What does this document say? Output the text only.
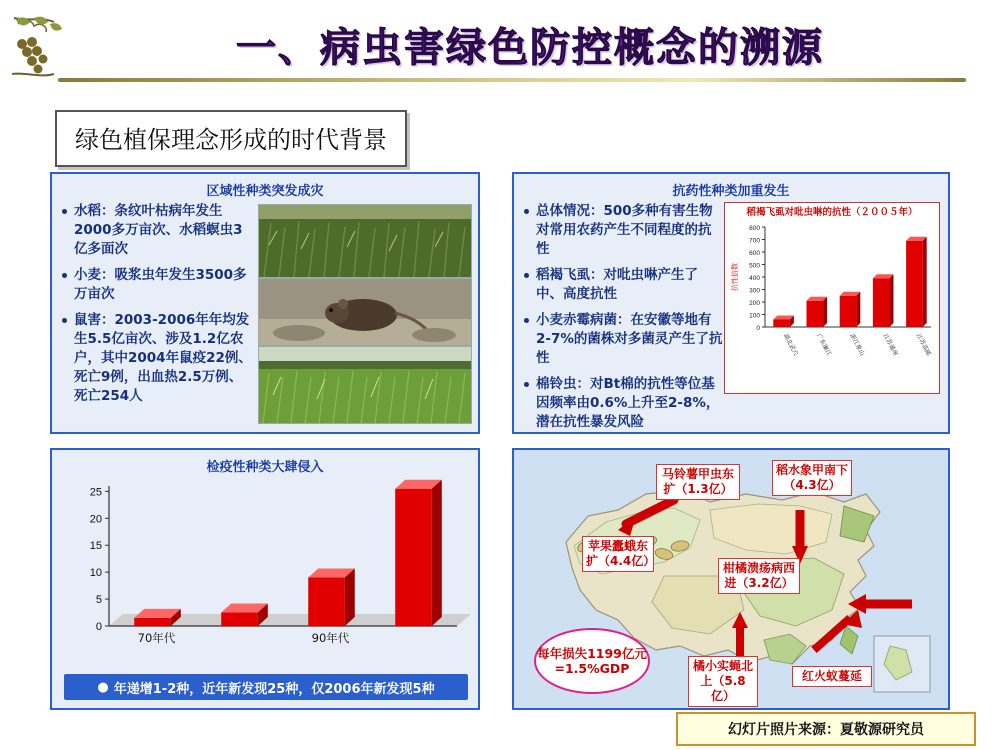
一、病虫害绿色防控概念的溯源
绿色植保理念形成的时代背景
区域性种类突发成灾
水稻：条纹叶枯病年发生2000多万亩次、水稻螟虫3亿多面次
小麦：吸浆虫年发生3500多万亩次
鼠害：2003-2006年年均发生5.5亿亩次、涉及1.2亿农户，其中2004年鼠疫22例、死亡9例，出血热2.5万例、死亡254人
抗药性种类加重发生
总体情况：500多种有害生物对常用农药产生不同程度的抗性
稻褐飞虱：对吡虫啉产生了中、高度抗性
小麦赤霉病菌：在安徽等地有2-7%的菌株对多菌灵产生了抗性
棉铃虫：对Bt棉的抗性等位基因频率由0.6%上升至2-8%，潜在抗性暴发风险
稻褐飞虱对吡虫啉的抗性（２００５年）
0
100
200
300
400
500
600
700
800
抗性倍数
湖北武穴	广东廉江	浙江象山	江苏通州	江苏高邮
检疫性种类大肆侵入
0
5
10
15
20
25
70年代	90年代
● 年递增1-2种，近年新发现25种，仅2006年新发现5种
马铃薯甲虫东扩（1.3亿）
稻水象甲南下（4.3亿）
苹果蠹蛾东扩（4.4亿）	柑橘溃疡病西进（3.2亿）
橘小实蝇北上（5.8亿）
红火蚁蔓延
每年损失1199亿元=1.5%GDP
幻灯片照片来源：夏敬源研究员
